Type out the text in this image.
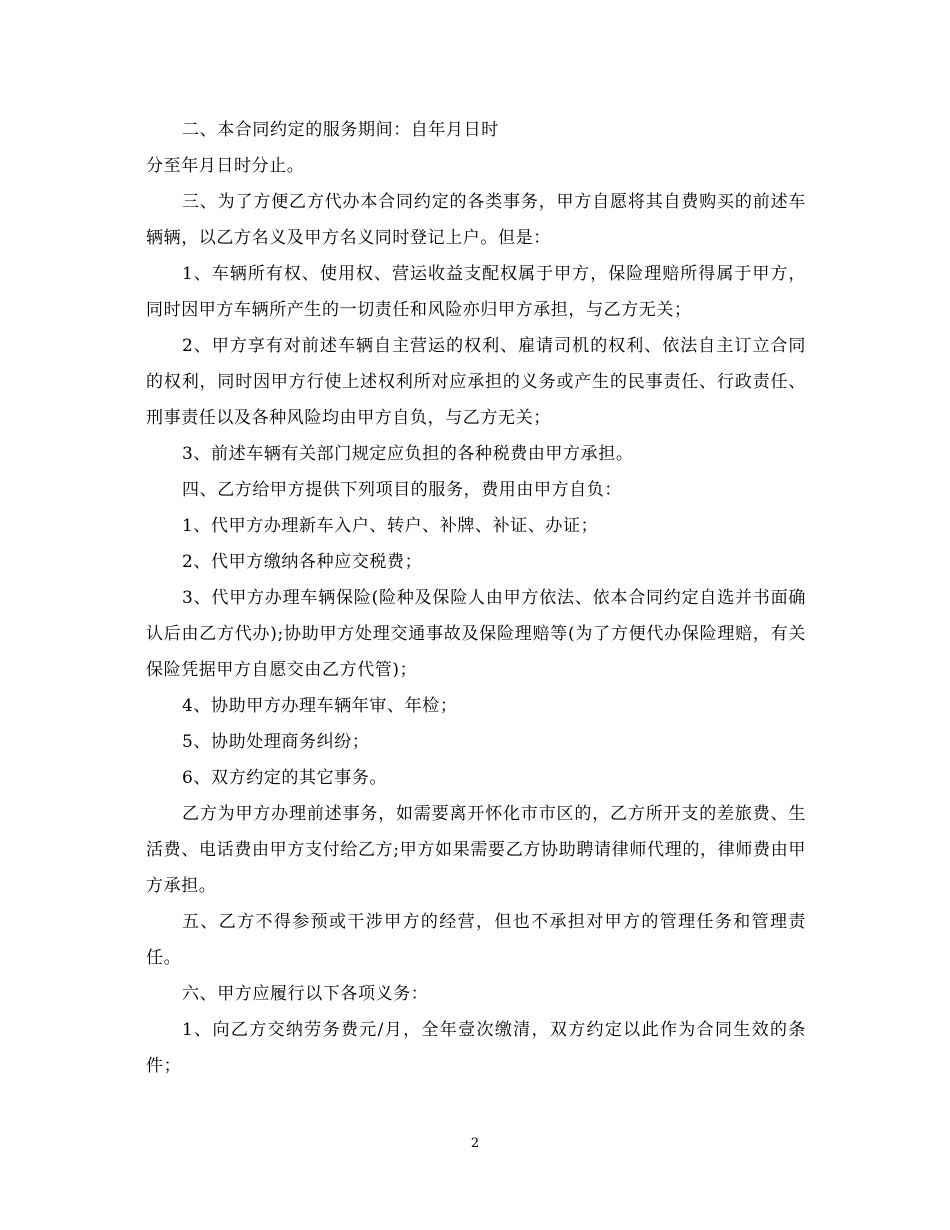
二、本合同约定的服务期间：自年月日时

分至年月日时分止。

三、为了方便乙方代办本合同约定的各类事务，甲方自愿将其自费购买的前述车辆辆，以乙方名义及甲方名义同时登记上户。但是：

1、车辆所有权、使用权、营运收益支配权属于甲方，保险理赔所得属于甲方，同时因甲方车辆所产生的一切责任和风险亦归甲方承担，与乙方无关；

2、甲方享有对前述车辆自主营运的权利、雇请司机的权利、依法自主订立合同的权利，同时因甲方行使上述权利所对应承担的义务或产生的民事责任、行政责任、刑事责任以及各种风险均由甲方自负，与乙方无关；

3、前述车辆有关部门规定应负担的各种税费由甲方承担。

四、乙方给甲方提供下列项目的服务，费用由甲方自负：

1、代甲方办理新车入户、转户、补牌、补证、办证；

2、代甲方缴纳各种应交税费；

3、代甲方办理车辆保险(险种及保险人由甲方依法、依本合同约定自选并书面确认后由乙方代办);协助甲方处理交通事故及保险理赔等(为了方便代办保险理赔，有关保险凭据甲方自愿交由乙方代管)；

4、协助甲方办理车辆年审、年检；

5、协助处理商务纠纷；

6、双方约定的其它事务。

乙方为甲方办理前述事务，如需要离开怀化市市区的，乙方所开支的差旅费、生活费、电话费由甲方支付给乙方;甲方如果需要乙方协助聘请律师代理的，律师费由甲方承担。

五、乙方不得参预或干涉甲方的经营，但也不承担对甲方的管理任务和管理责任。

六、甲方应履行以下各项义务：

1、向乙方交纳劳务费元/月，全年壹次缴清，双方约定以此作为合同生效的条件；

2
